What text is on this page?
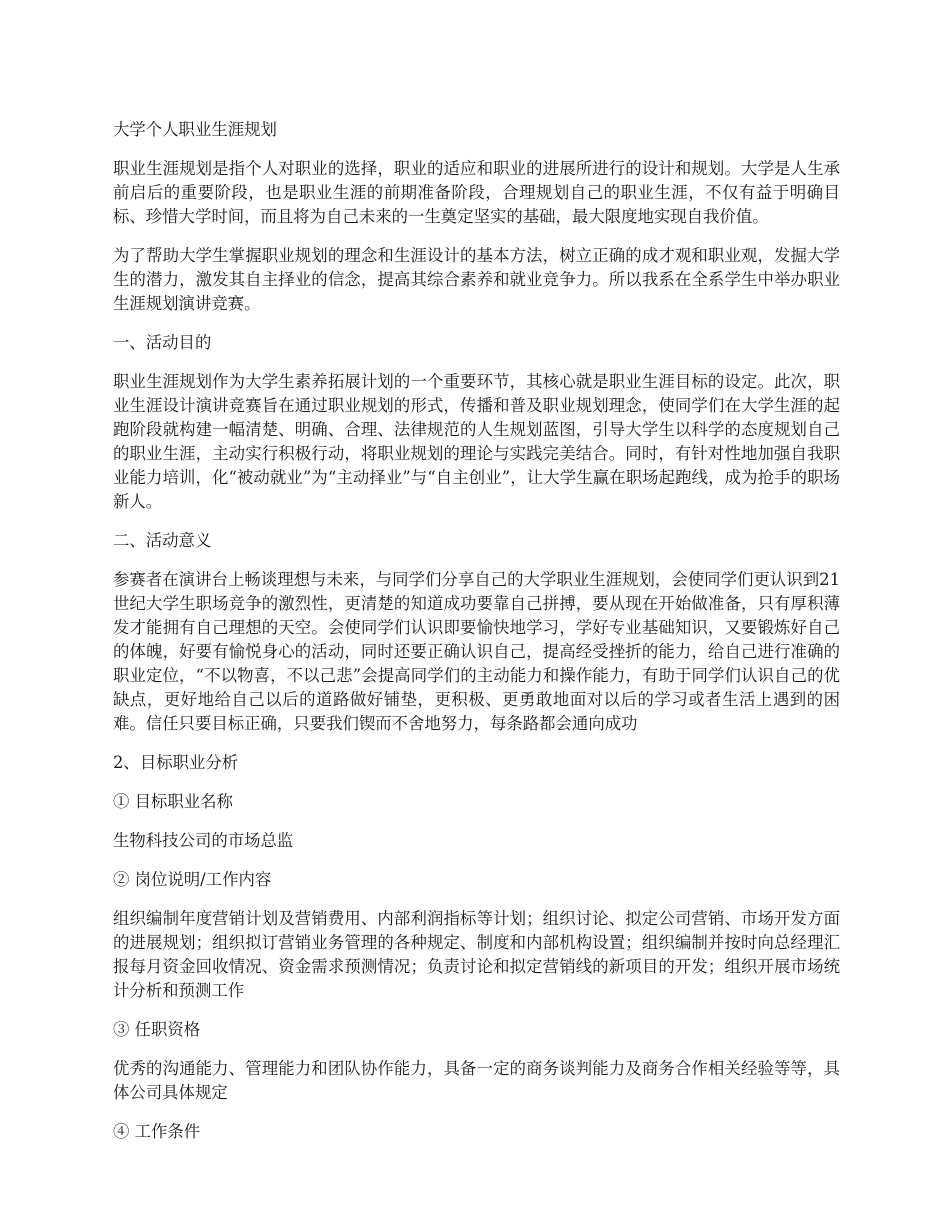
大学个人职业生涯规划

职业生涯规划是指个人对职业的选择，职业的适应和职业的进展所进行的设计和规划。大学是人生承前启后的重要阶段，也是职业生涯的前期准备阶段，合理规划自己的职业生涯，不仅有益于明确目标、珍惜大学时间，而且将为自己未来的一生奠定坚实的基础，最大限度地实现自我价值。

为了帮助大学生掌握职业规划的理念和生涯设计的基本方法，树立正确的成才观和职业观，发掘大学生的潜力，激发其自主择业的信念，提高其综合素养和就业竞争力。所以我系在全系学生中举办职业生涯规划演讲竞赛。

一、活动目的

职业生涯规划作为大学生素养拓展计划的一个重要环节，其核心就是职业生涯目标的设定。此次，职业生涯设计演讲竞赛旨在通过职业规划的形式，传播和普及职业规划理念，使同学们在大学生涯的起跑阶段就构建一幅清楚、明确、合理、法律规范的人生规划蓝图，引导大学生以科学的态度规划自己的职业生涯，主动实行积极行动，将职业规划的理论与实践完美结合。同时，有针对性地加强自我职业能力培训，化“被动就业”为“主动择业”与“自主创业”，让大学生赢在职场起跑线，成为抢手的职场新人。

二、活动意义

参赛者在演讲台上畅谈理想与未来，与同学们分享自己的大学职业生涯规划，会使同学们更认识到21世纪大学生职场竞争的激烈性，更清楚的知道成功要靠自己拼搏，要从现在开始做准备，只有厚积薄发才能拥有自己理想的天空。会使同学们认识即要愉快地学习，学好专业基础知识，又要锻炼好自己的体魄，好要有愉悦身心的活动，同时还要正确认识自己，提高经受挫折的能力，给自己进行准确的职业定位，“不以物喜，不以己悲”会提高同学们的主动能力和操作能力，有助于同学们认识自己的优缺点，更好地给自己以后的道路做好铺垫，更积极、更勇敢地面对以后的学习或者生活上遇到的困难。信任只要目标正确，只要我们锲而不舍地努力，每条路都会通向成功

2、目标职业分析

① 目标职业名称

生物科技公司的市场总监

② 岗位说明/工作内容

组织编制年度营销计划及营销费用、内部利润指标等计划；组织讨论、拟定公司营销、市场开发方面的进展规划；组织拟订营销业务管理的各种规定、制度和内部机构设置；组织编制并按时向总经理汇报每月资金回收情况、资金需求预测情况；负责讨论和拟定营销线的新项目的开发；组织开展市场统计分析和预测工作

③ 任职资格

优秀的沟通能力、管理能力和团队协作能力，具备一定的商务谈判能力及商务合作相关经验等等，具体公司具体规定

④ 工作条件
